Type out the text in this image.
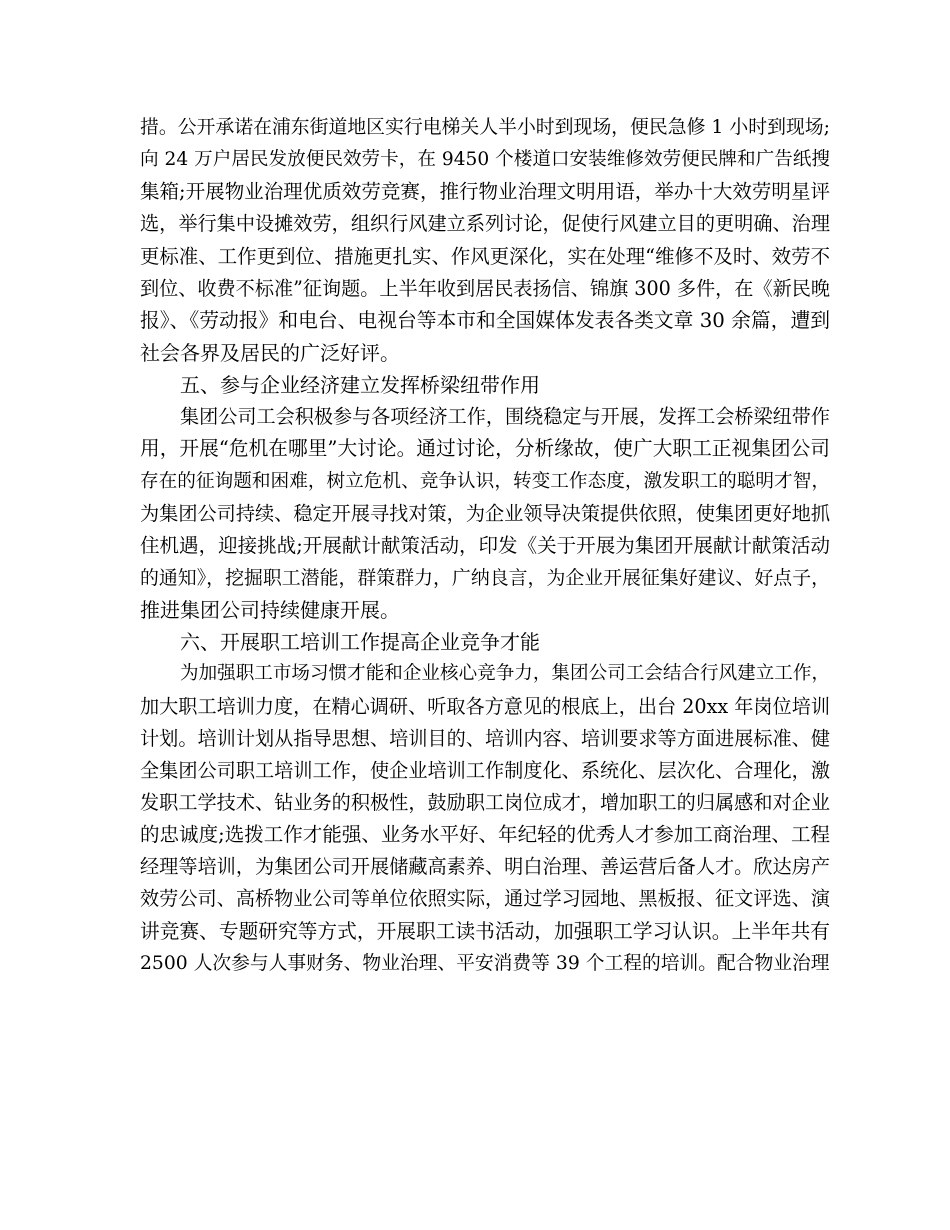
措。公开承诺在浦东街道地区实行电梯关人半小时到现场，便民急修 1 小时到现场;
向 24 万户居民发放便民效劳卡，在 9450 个楼道口安装维修效劳便民牌和广告纸搜
集箱;开展物业治理优质效劳竞赛，推行物业治理文明用语，举办十大效劳明星评
选，举行集中设摊效劳，组织行风建立系列讨论，促使行风建立目的更明确、治理
更标准、工作更到位、措施更扎实、作风更深化，实在处理“维修不及时、效劳不
到位、收费不标准”征询题。上半年收到居民表扬信、锦旗 300 多件，在《新民晚
报》、《劳动报》和电台、电视台等本市和全国媒体发表各类文章 30 余篇，遭到
社会各界及居民的广泛好评。
五、参与企业经济建立发挥桥梁纽带作用
集团公司工会积极参与各项经济工作，围绕稳定与开展，发挥工会桥梁纽带作
用，开展“危机在哪里”大讨论。通过讨论，分析缘故，使广大职工正视集团公司
存在的征询题和困难，树立危机、竞争认识，转变工作态度，激发职工的聪明才智，
为集团公司持续、稳定开展寻找对策，为企业领导决策提供依照，使集团更好地抓
住机遇，迎接挑战;开展献计献策活动，印发《关于开展为集团开展献计献策活动
的通知》，挖掘职工潜能，群策群力，广纳良言，为企业开展征集好建议、好点子，
推进集团公司持续健康开展。
六、开展职工培训工作提高企业竞争才能
为加强职工市场习惯才能和企业核心竞争力，集团公司工会结合行风建立工作，
加大职工培训力度，在精心调研、听取各方意见的根底上，出台 20xx 年岗位培训
计划。培训计划从指导思想、培训目的、培训内容、培训要求等方面进展标准、健
全集团公司职工培训工作，使企业培训工作制度化、系统化、层次化、合理化，激
发职工学技术、钻业务的积极性，鼓励职工岗位成才，增加职工的归属感和对企业
的忠诚度;选拨工作才能强、业务水平好、年纪轻的优秀人才参加工商治理、工程
经理等培训，为集团公司开展储藏高素养、明白治理、善运营后备人才。欣达房产
效劳公司、高桥物业公司等单位依照实际，通过学习园地、黑板报、征文评选、演
讲竞赛、专题研究等方式，开展职工读书活动，加强职工学习认识。上半年共有
2500 人次参与人事财务、物业治理、平安消费等 39 个工程的培训。配合物业治理
